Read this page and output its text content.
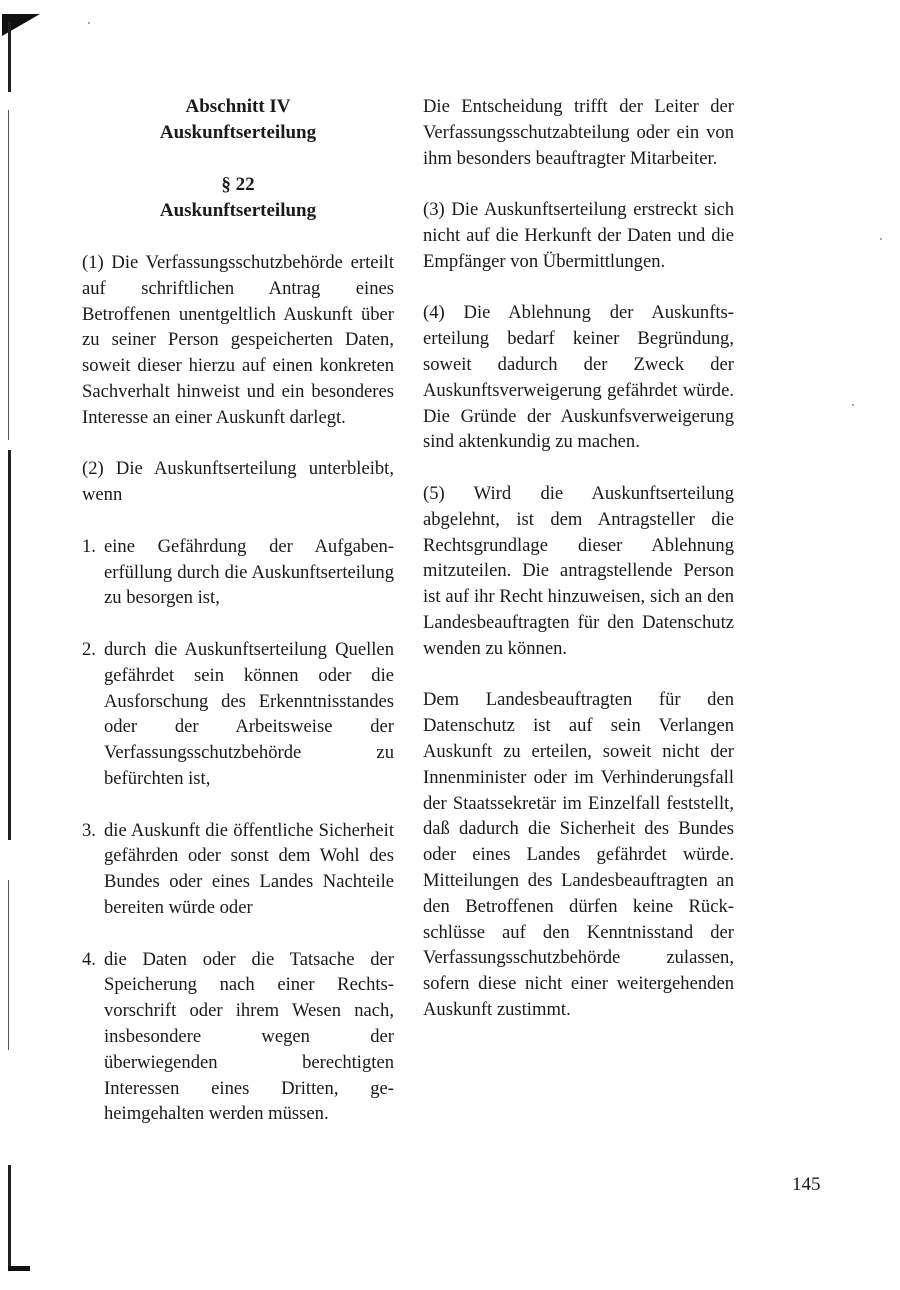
Abschnitt IV
Auskunftserteilung
§ 22
Auskunftserteilung

(1) Die Verfassungsschutzbehörde erteilt auf schriftlichen Antrag eines Betroffenen unentgeltlich Auskunft über zu seiner Person gespeicherten Daten, soweit dieser hierzu auf einen konkreten Sachverhalt hinweist und ein besonderes Interesse an einer Auskunft darlegt.

(2) Die Auskunftserteilung unterbleibt, wenn

1. eine Gefährdung der Aufgabenerfüllung durch die Auskunftserteilung zu besorgen ist,
2. durch die Auskunftserteilung Quellen gefährdet sein können oder die Ausforschung des Erkenntnisstandes oder der Arbeitsweise der Verfassungsschutzbehörde zu befürchten ist,
3. die Auskunft die öffentliche Sicherheit gefährden oder sonst dem Wohl des Bundes oder eines Landes Nachteile bereiten würde oder
4. die Daten oder die Tatsache der Speicherung nach einer Rechtsvorschrift oder ihrem Wesen nach, insbesondere wegen der überwiegenden berechtigten Interessen eines Dritten, geheimgehalten werden müssen.

Die Entscheidung trifft der Leiter der Verfassungsschutzabteilung oder ein von ihm besonders beauftragter Mitarbeiter.

(3) Die Auskunftserteilung erstreckt sich nicht auf die Herkunft der Daten und die Empfänger von Übermittlungen.

(4) Die Ablehnung der Auskunftserteilung bedarf keiner Begründung, soweit dadurch der Zweck der Auskunftsverweigerung gefährdet würde. Die Gründe der Auskunfsverweigerung sind aktenkundig zu machen.

(5) Wird die Auskunftserteilung abgelehnt, ist dem Antragsteller die Rechtsgrundlage dieser Ablehnung mitzuteilen. Die antragstellende Person ist auf ihr Recht hinzuweisen, sich an den Landesbeauftragten für den Datenschutz wenden zu können.

Dem Landesbeauftragten für den Datenschutz ist auf sein Verlangen Auskunft zu erteilen, soweit nicht der Innenminister oder im Verhinderungsfall der Staatssekretär im Einzelfall feststellt, daß dadurch die Sicherheit des Bundes oder eines Landes gefährdet würde. Mitteilungen des Landesbeauftragten an den Betroffenen dürfen keine Rückschlüsse auf den Kenntnisstand der Verfassungsschutzbehörde zulassen, sofern diese nicht einer weitergehenden Auskunft zustimmt.

145
